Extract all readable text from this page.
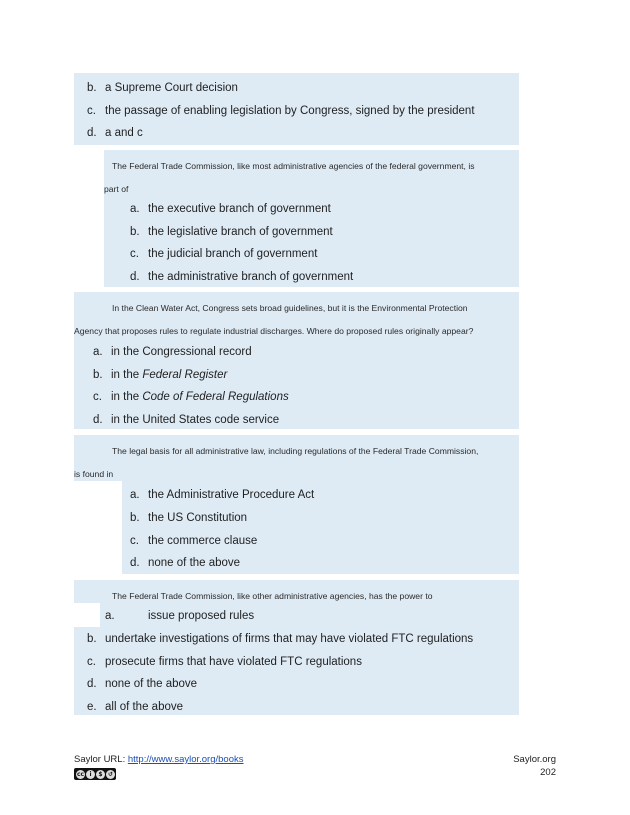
b. a Supreme Court decision
c. the passage of enabling legislation by Congress, signed by the president
d. a and c
The Federal Trade Commission, like most administrative agencies of the federal government, is
part of
a. the executive branch of government
b. the legislative branch of government
c. the judicial branch of government
d. the administrative branch of government
In the Clean Water Act, Congress sets broad guidelines, but it is the Environmental Protection
Agency that proposes rules to regulate industrial discharges. Where do proposed rules originally appear?
a. in the Congressional record
b. in the Federal Register
c. in the Code of Federal Regulations
d. in the United States code service
The legal basis for all administrative law, including regulations of the Federal Trade Commission,
is found in
a. the Administrative Procedure Act
b. the US Constitution
c. the commerce clause
d. none of the above
The Federal Trade Commission, like other administrative agencies, has the power to
a.	issue proposed rules
b. undertake investigations of firms that may have violated FTC regulations
c. prosecute firms that have violated FTC regulations
d. none of the above
e. all of the above
Saylor URL: http://www.saylor.org/books	Saylor.org
202
cc i	$ ↺
